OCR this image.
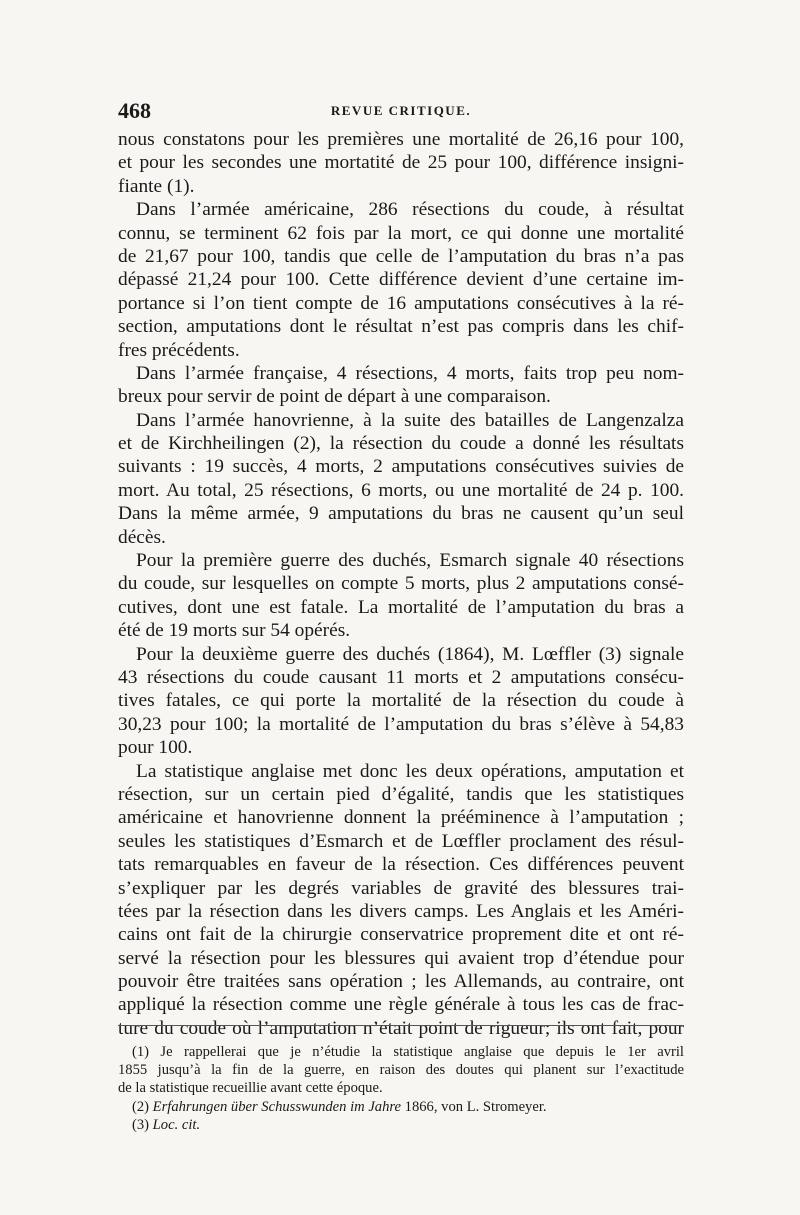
468	REVUE CRITIQUE.
nous constatons pour les premières une mortalité de 26,16 pour 100,
et pour les secondes une mortatité de 25 pour 100, différence insigni-
fiante (1).
Dans l’armée américaine, 286 résections du coude, à résultat
connu, se terminent 62 fois par la mort, ce qui donne une mortalité
de 21,67 pour 100, tandis que celle de l’amputation du bras n’a pas
dépassé 21,24 pour 100. Cette différence devient d’une certaine im-
portance si l’on tient compte de 16 amputations consécutives à la ré-
section, amputations dont le résultat n’est pas compris dans les chif-
fres précédents.
Dans l’armée française, 4 résections, 4 morts, faits trop peu nom-
breux pour servir de point de départ à une comparaison.
Dans l’armée hanovrienne, à la suite des batailles de Langenzalza
et de Kirchheilingen (2), la résection du coude a donné les résultats
suivants : 19 succès, 4 morts, 2 amputations consécutives suivies de
mort. Au total, 25 résections, 6 morts, ou une mortalité de 24 p. 100.
Dans la même armée, 9 amputations du bras ne causent qu’un seul
décès.
Pour la première guerre des duchés, Esmarch signale 40 résections
du coude, sur lesquelles on compte 5 morts, plus 2 amputations consé-
cutives, dont une est fatale. La mortalité de l’amputation du bras a
été de 19 morts sur 54 opérés.
Pour la deuxième guerre des duchés (1864), M. Lœffler (3) signale
43 résections du coude causant 11 morts et 2 amputations consécu-
tives fatales, ce qui porte la mortalité de la résection du coude à
30,23 pour 100; la mortalité de l’amputation du bras s’élève à 54,83
pour 100.
La statistique anglaise met donc les deux opérations, amputation et
résection, sur un certain pied d’égalité, tandis que les statistiques
américaine et hanovrienne donnent la prééminence à l’amputation ;
seules les statistiques d’Esmarch et de Lœffler proclament des résul-
tats remarquables en faveur de la résection. Ces différences peuvent
s’expliquer par les degrés variables de gravité des blessures trai-
tées par la résection dans les divers camps. Les Anglais et les Améri-
cains ont fait de la chirurgie conservatrice proprement dite et ont ré-
servé la résection pour les blessures qui avaient trop d’étendue pour
pouvoir être traitées sans opération ; les Allemands, au contraire, ont
appliqué la résection comme une règle générale à tous les cas de frac-
ture du coude où l’amputation n’était point de rigueur; ils ont fait, pour
(1) Je rappellerai que je n’étudie la statistique anglaise que depuis le 1er avril
1855 jusqu’à la fin de la guerre, en raison des doutes qui planent sur l’exactitude
de la statistique recueillie avant cette époque.
(2) Erfahrungen über Schusswunden im Jahre 1866, von L. Stromeyer.
(3) Loc. cit.
